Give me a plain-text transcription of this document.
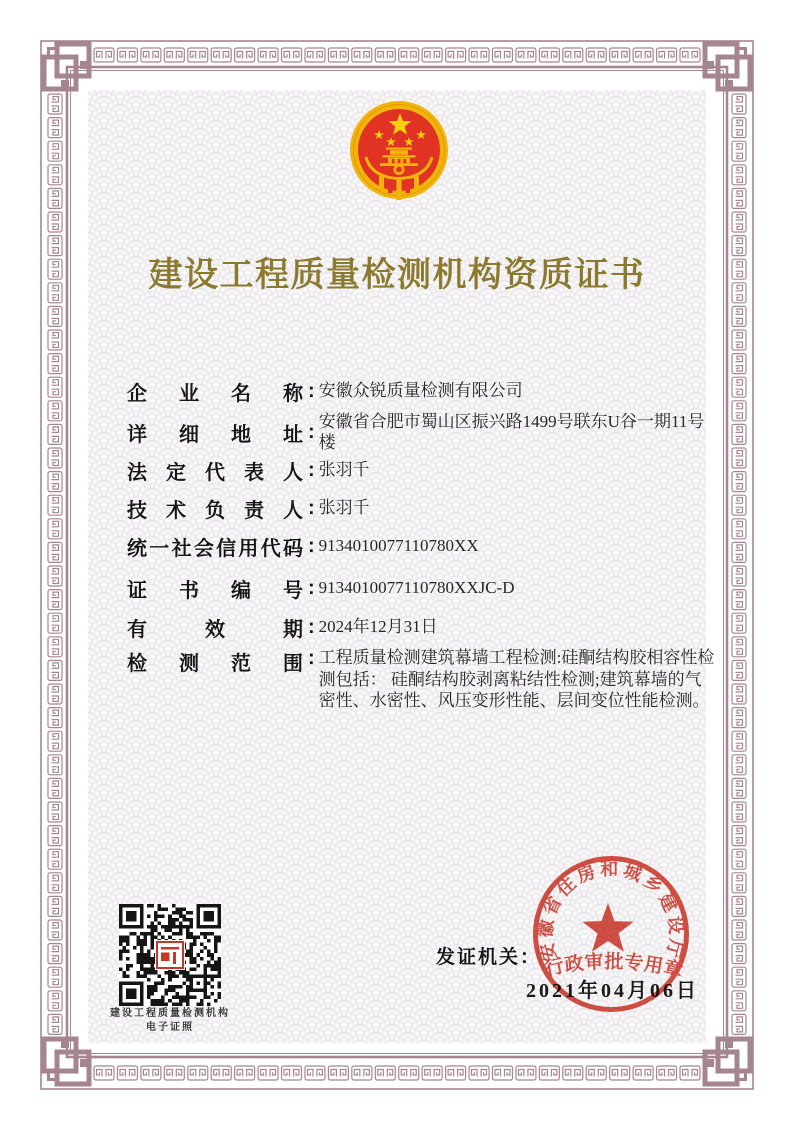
建设工程质量检测机构资质证书
企业名称 : 安徽众锐质量检测有限公司
详细地址 : 安徽省合肥市蜀山区振兴路1499号联东U谷一期11号楼
法定代表人 : 张羽千
技术负责人 : 张羽千
统一社会信用代码 : 9134010077110780XX
证书编号 : 9134010077110780XXJC-D
有效期 : 2024年12月31日
检测范围 : 工程质量检测建筑幕墙工程检测:硅酮结构胶相容性检测包括： 硅酮结构胶剥离粘结性检测;建筑幕墙的气密性、水密性、风压变形性能、层间变位性能检测。
建设工程质量检测机构
电子证照
发证机关：
2021年04月06日
安徽省住房和城乡建设厅
行政审批专用章
